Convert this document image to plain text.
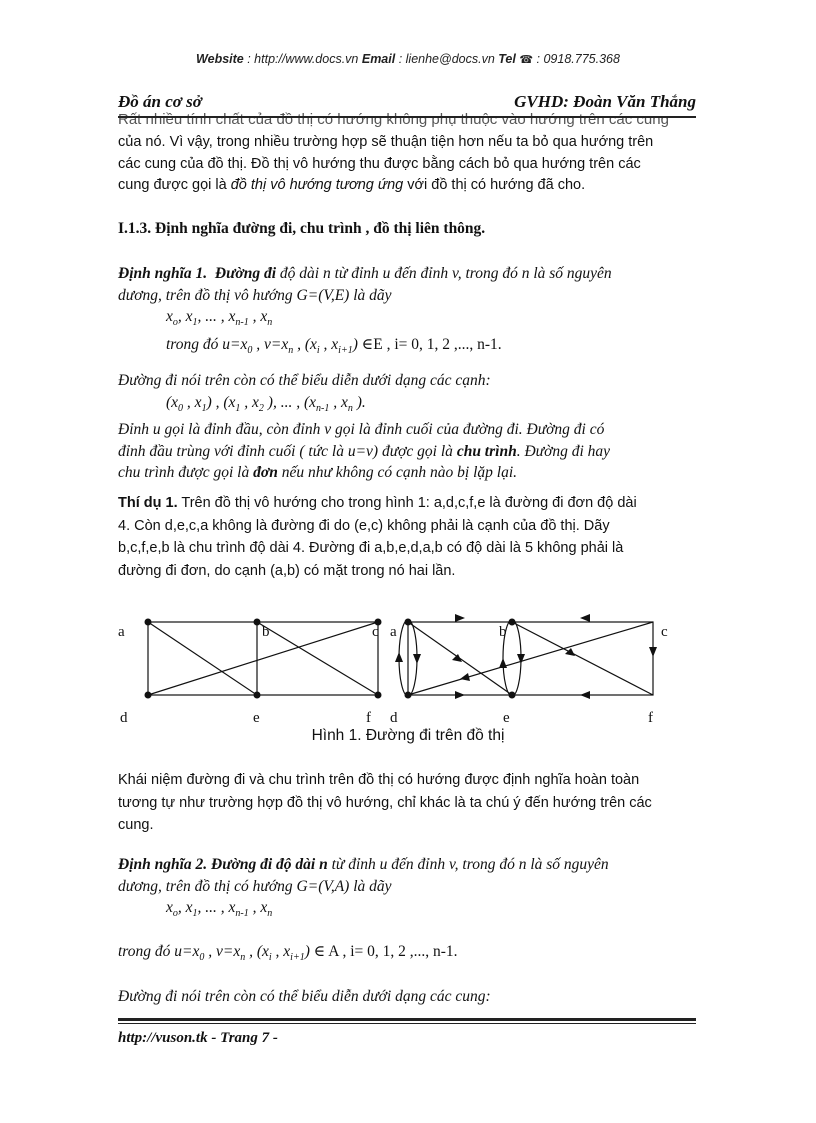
Website : http://www.docs.vn Email : lienhe@docs.vn Tel ☎ : 0918.775.368
Đồ án cơ sở	GVHD: Đoàn Văn Thắng
Rất nhiều tính chất của đồ thị có hướng không phụ thuộc vào hướng trên các cung
của nó. Vì vậy, trong nhiều trường hợp sẽ thuận tiện hơn nếu ta bỏ qua hướng trên
các cung của đồ thị. Đồ thị vô hướng thu được bằng cách bỏ qua hướng trên các
cung được gọi là đồ thị vô hướng tương ứng với đồ thị có hướng đã cho.
I.1.3. Định nghĩa đường đi, chu trình , đồ thị liên thông.
Định nghĩa 1. Đường đi độ dài n từ đỉnh u đến đỉnh v, trong đó n là số nguyên
dương, trên đồ thị vô hướng G=(V,E) là dãy
$x_o$, $x_1$, ... , $x_{n-1}$ , $x_n$
trong đó $u=x_0$ , $v=x_n$ , ($x_i$ , $x_{i+1}$) ∈E , i= 0, 1, 2 ,..., n-1.
Đường đi nói trên còn có thể biểu diễn dưới dạng các cạnh:
($x_0$ , $x_1$) , ($x_1$ , $x_2$ ), ... , ($x_{n-1}$ , $x_n$ ).
Đỉnh u gọi là đỉnh đầu, còn đỉnh v gọi là đỉnh cuối của đường đi. Đường đi có
đỉnh đầu trùng với đỉnh cuối ( tức là u=v) được gọi là chu trình. Đường đi hay
chu trình được gọi là đơn nếu như không có cạnh nào bị lặp lại.
Thí dụ 1. Trên đồ thị vô hướng cho trong hình 1: a,d,c,f,e là đường đi đơn độ dài
4. Còn d,e,c,a không là đường đi do (e,c) không phải là cạnh của đồ thị. Dãy
b,c,f,e,b là chu trình độ dài 4. Đường đi a,b,e,d,a,b có độ dài là 5 không phải là
đường đi đơn, do cạnh (a,b) có mặt trong nó hai lần.
a	b	c
d	e	f
a	b	c
d	e	f
Hình 1. Đường đi trên đồ thị
Khái niệm đường đi và chu trình trên đồ thị có hướng được định nghĩa hoàn toàn
tương tự như trường hợp đồ thị vô hướng, chỉ khác là ta chú ý đến hướng trên các
cung.
Định nghĩa 2. Đường đi độ dài n từ đỉnh u đến đỉnh v, trong đó n là số nguyên
dương, trên đồ thị có hướng G=(V,A) là dãy
$x_o$, $x_1$, ... , $x_{n-1}$ , $x_n$
trong đó $u=x_0$ , $v=x_n$ , ($x_i$ , $x_{i+1}$) ∈ A , i= 0, 1, 2 ,..., n-1.
Đường đi nói trên còn có thể biểu diễn dưới dạng các cung:
http://vuson.tk - Trang 7 -
